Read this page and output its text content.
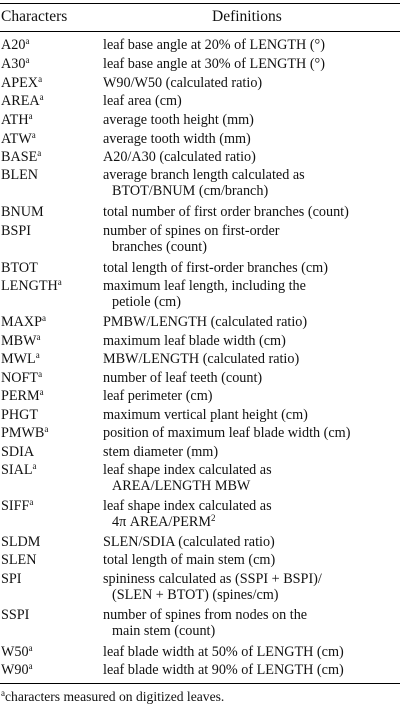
Characters	Definitions
A20$^a$	leaf base angle at 20% of LENGTH (°)
A30$^a$	leaf base angle at 30% of LENGTH (°)
APEX$^a$	W90/W50 (calculated ratio)
AREA$^a$	leaf area (cm)
ATH$^a$	average tooth height (mm)
ATW$^a$	average tooth width (mm)
BASE$^a$	A20/A30 (calculated ratio)
BLEN	average branch length calculated as
BTOT/BNUM (cm/branch)
BNUM	total number of first order branches (count)
BSPI	number of spines on first-order
branches (count)
BTOT	total length of first-order branches (cm)
LENGTH$^a$	maximum leaf length, including the
petiole (cm)
MAXP$^a$	PMBW/LENGTH (calculated ratio)
MBW$^a$	maximum leaf blade width (cm)
MWL$^a$	MBW/LENGTH (calculated ratio)
NOFT$^a$	number of leaf teeth (count)
PERM$^a$	leaf perimeter (cm)
PHGT	maximum vertical plant height (cm)
PMWB$^a$	position of maximum leaf blade width (cm)
SDIA	stem diameter (mm)
SIAL$^a$	leaf shape index calculated as
AREA/LENGTH MBW
SIFF$^a$	leaf shape index calculated as
4π AREA/PERM$^2$
SLDM	SLEN/SDIA (calculated ratio)
SLEN	total length of main stem (cm)
SPI	spininess calculated as (SSPI + BSPI)/
(SLEN + BTOT) (spines/cm)
SSPI	number of spines from nodes on the
main stem (count)
W50$^a$	leaf blade width at 50% of LENGTH (cm)
W90$^a$	leaf blade width at 90% of LENGTH (cm)
$^a$characters measured on digitized leaves.
